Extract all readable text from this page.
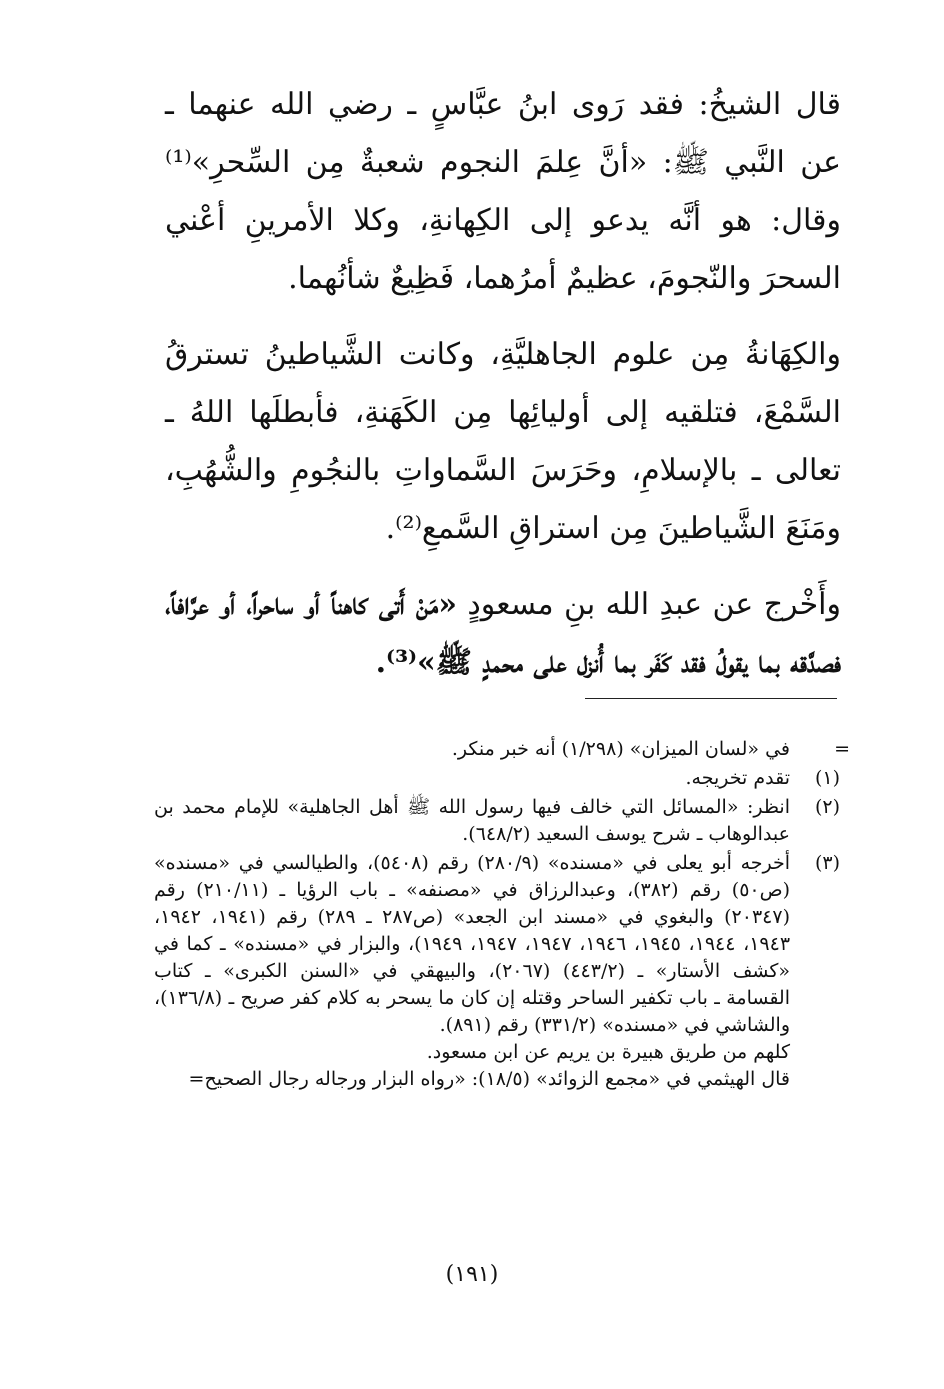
قال الشيخُ: فقد رَوى ابنُ عبَّاسٍ ـ رضي الله عنهما ـ عن النَّبي ﷺ: «أنَّ عِلمَ النجوم شعبةٌ مِن السِّحرِ»⁽¹⁾ وقال: هو أنَّه يدعو إلى الكِهانةِ، وكلا الأمرينِ أعْني السحرَ والنّجومَ، عظيمٌ أمرُهما، فَظِيعٌ شأنُهما.

والكِهَانةُ مِن علوم الجاهليَّةِ، وكانت الشَّياطينُ تسترقُ السَّمْعَ، فتلقيه إلى أوليائِها مِن الكَهَنةِ، فأبطلَها اللهُ ـ تعالى ـ بالإسلامِ، وحَرَسَ السَّماواتِ بالنجُومِ والشُّهُبِ، ومَنَعَ الشَّياطينَ مِن استراقِ السَّمعِ⁽²⁾.

وأَخْرج عن عبدِ الله بنِ مسعودٍ «مَنْ أَتى كاهناً أو ساحراً، أو عرَّافاً، فصدَّقه بما يقولُ فقد كَفَر بما أُنزل على محمدٍ ﷺ»⁽³⁾.

=
في «لسان الميزان» (١/٢٩٨) أنه خبر منكر.
(١)
تقدم تخريجه.
(٢)
انظر: «المسائل التي خالف فيها رسول الله ﷺ أهل الجاهلية» للإمام محمد بن عبدالوهاب ـ شرح يوسف السعيد (٦٤٨/٢).
(٣)
أخرجه أبو يعلى في «مسنده» (٢٨٠/٩) رقم (٥٤٠٨)، والطيالسي في «مسنده» (ص٥٠) رقم (٣٨٢)، وعبدالرزاق في «مصنفه» ـ باب الرؤيا ـ (٢١٠/١١) رقم (٢٠٣٤٧) والبغوي في «مسند ابن الجعد» (ص٢٨٧ ـ ٢٨٩) رقم (١٩٤١، ١٩٤٢، ١٩٤٣، ١٩٤٤، ١٩٤٥، ١٩٤٦، ١٩٤٧، ١٩٤٧، ١٩٤٩)، والبزار في «مسنده» ـ كما في «كشف الأستار» ـ (٤٤٣/٢) (٢٠٦٧)، والبيهقي في «السنن الكبرى» ـ كتاب القسامة ـ باب تكفير الساحر وقتله إن كان ما يسحر به كلام كفر صريح ـ (١٣٦/٨)، والشاشي في «مسنده» (٣٣١/٢) رقم (٨٩١).
كلهم من طريق هبيرة بن يريم عن ابن مسعود.
قال الهيثمي في «مجمع الزوائد» (١٨/٥): «رواه البزار ورجاله رجال الصحيح=
(١٩١)
